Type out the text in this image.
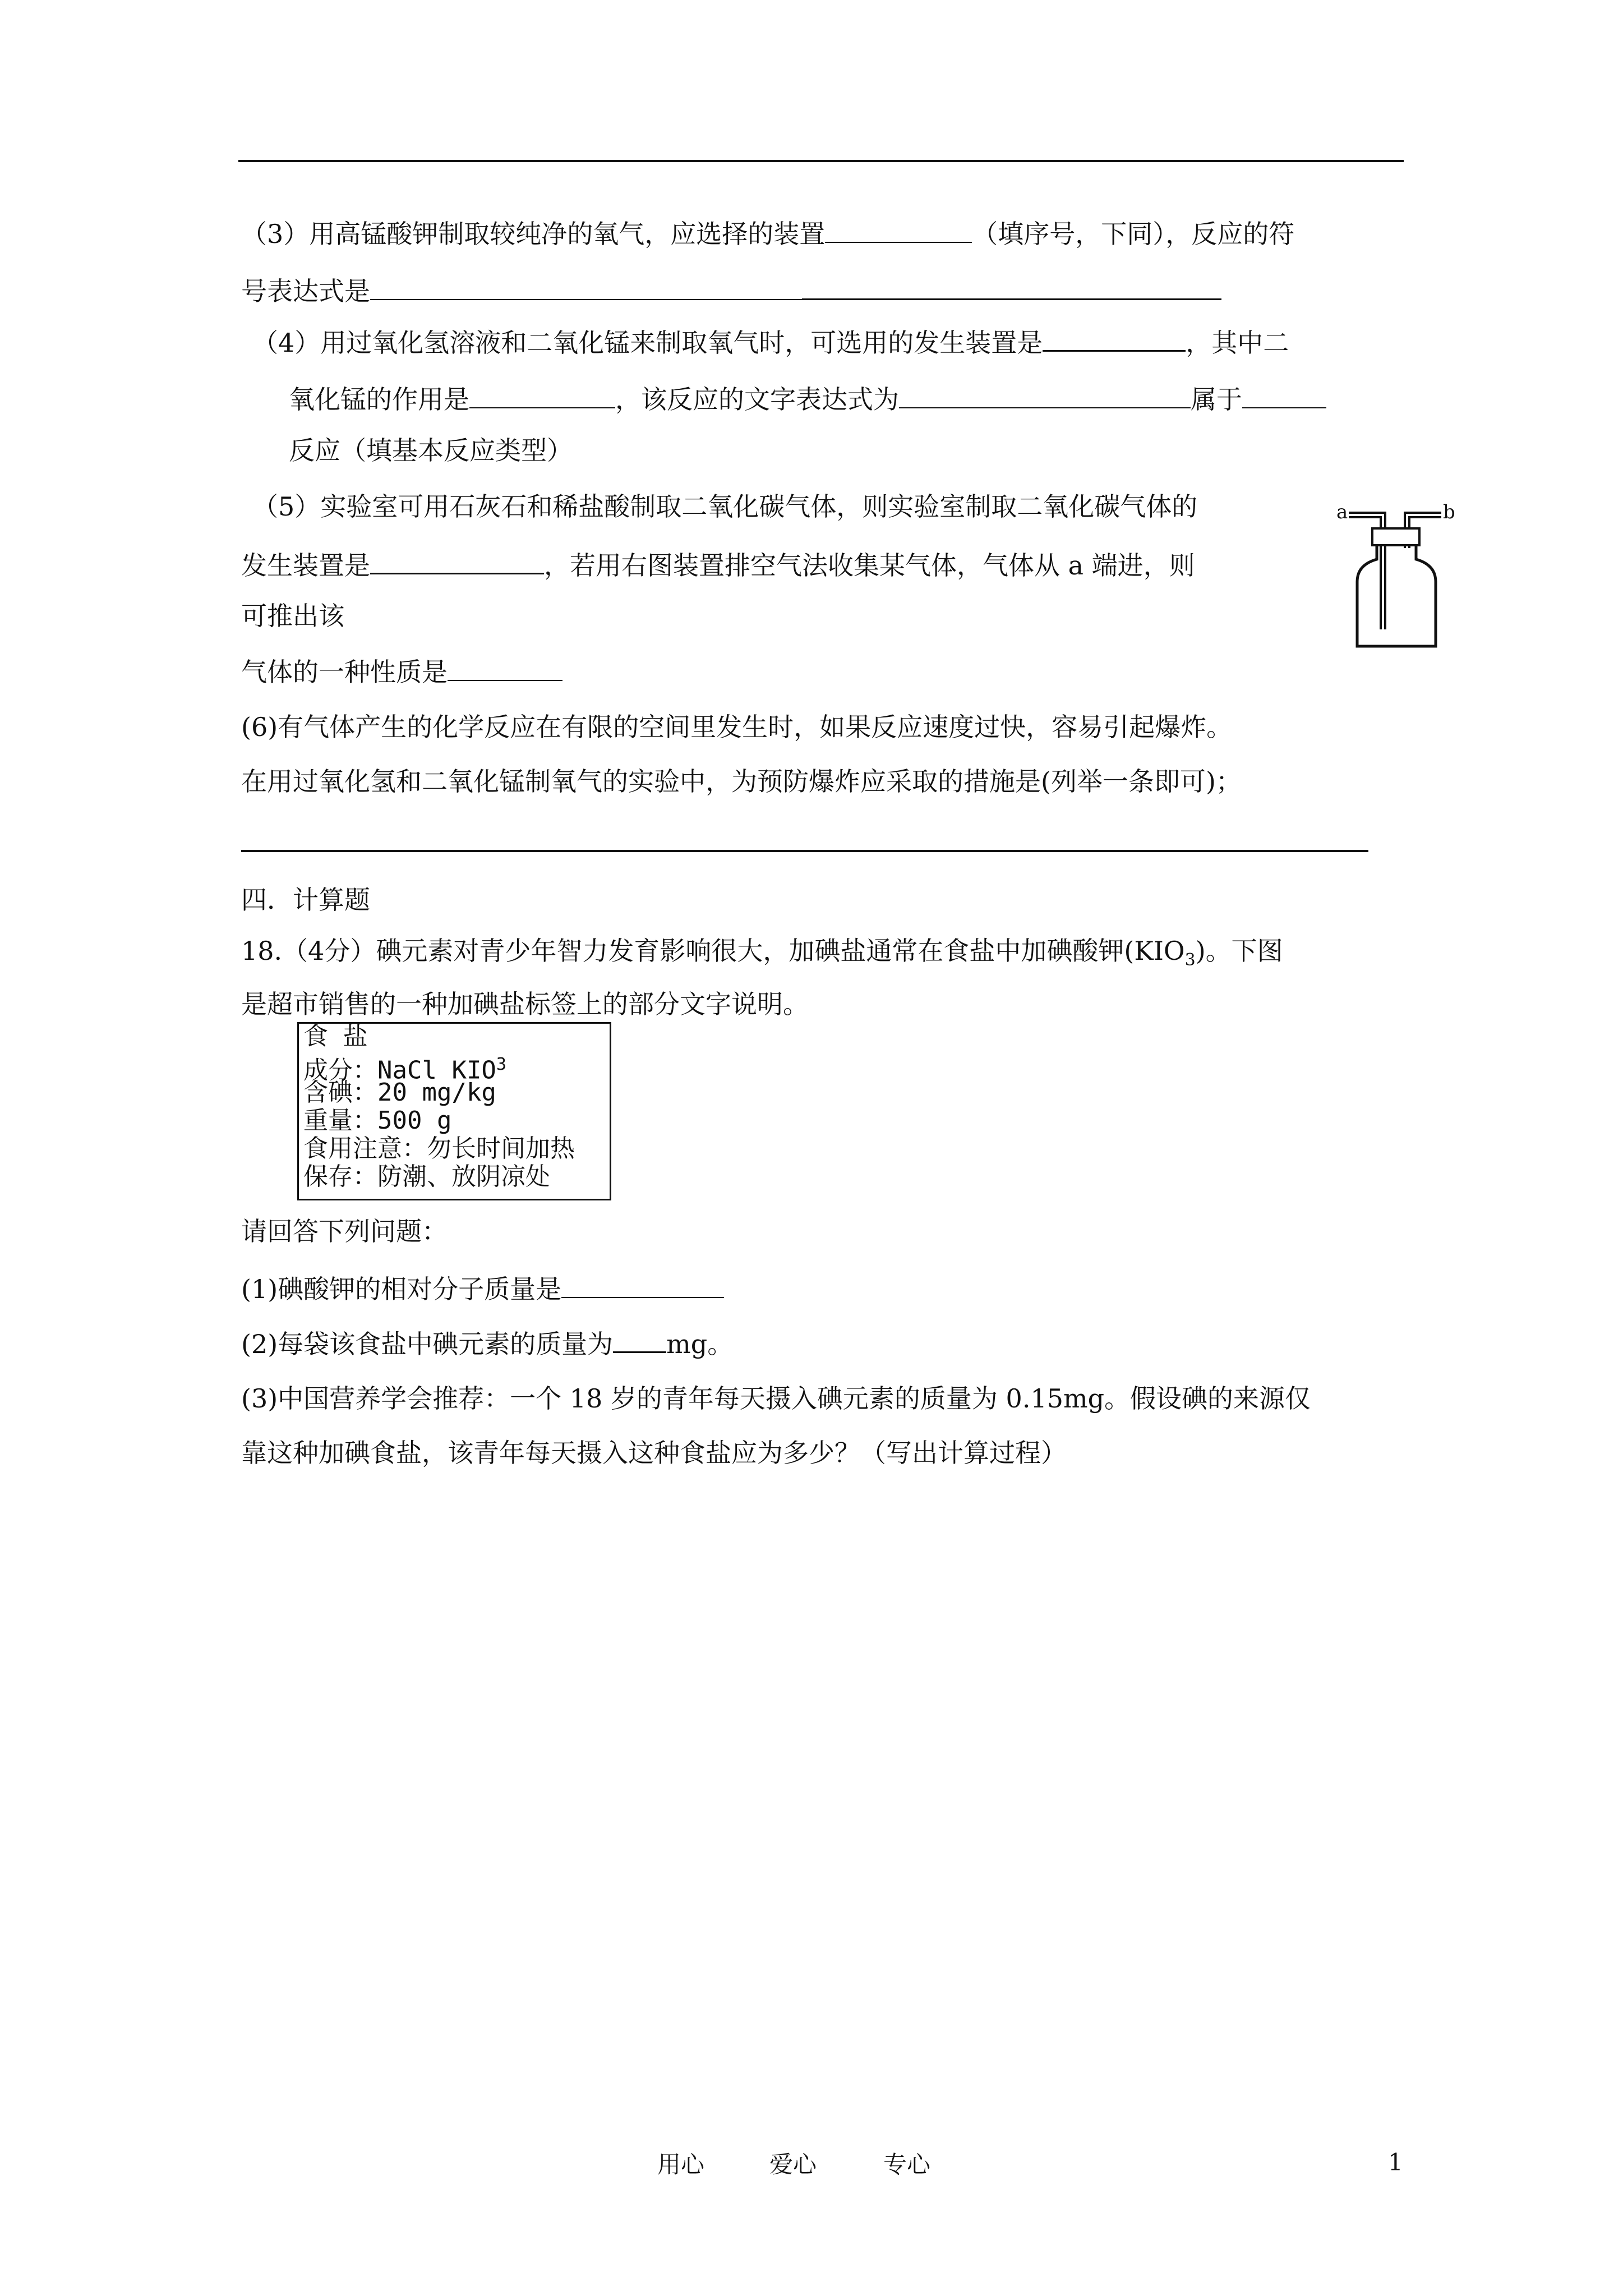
（3）用高锰酸钾制取较纯净的氧气，应选择的装置	（填序号，下同），反应的符
号表达式是
（4）用过氧化氢溶液和二氧化锰来制取氧气时，可选用的发生装置是	，其中二
氧化锰的作用是	，该反应的文字表达式为	属于
反应（填基本反应类型）
（5）实验室可用石灰石和稀盐酸制取二氧化碳气体，则实验室制取二氧化碳气体的
发生装置是	，若用右图装置排空气法收集某气体，气体从 a 端进，则
可推出该
气体的一种性质是
a	b
(6)有气体产生的化学反应在有限的空间里发生时，如果反应速度过快，容易引起爆炸。
在用过氧化氢和二氧化锰制氧气的实验中，为预防爆炸应采取的措施是(列举一条即可)；
四．计算题
18.（4分）碘元素对青少年智力发育影响很大，加碘盐通常在食盐中加碘酸钾$(KIO_3)$。下图
是超市销售的一种加碘盐标签上的部分文字说明。
食 盐
成分：NaCl KIO$^3$
含碘：20 mg/kg
重量：500 g
食用注意：勿长时间加热
保存：防潮、放阴凉处
请回答下列问题：
(1)碘酸钾的相对分子质量是
(2)每袋该食盐中碘元素的质量为 mg。
(3)中国营养学会推荐：一个 18 岁的青年每天摄入碘元素的质量为 0.15mg。假设碘的来源仅
靠这种加碘食盐，该青年每天摄入这种食盐应为多少？（写出计算过程）
用心	爱心	专心	1
